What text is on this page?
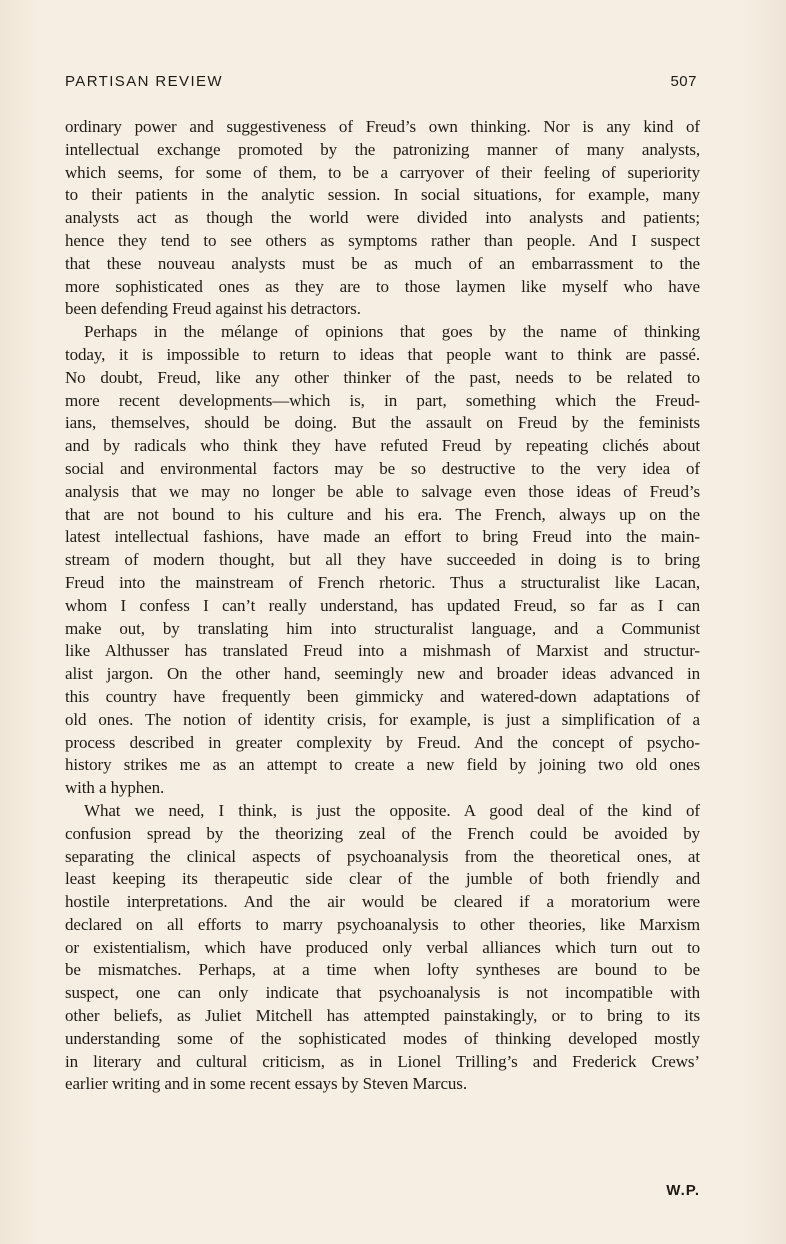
PARTISAN REVIEW	507
ordinary power and suggestiveness of Freud’s own thinking. Nor is any kind of
intellectual exchange promoted by the patronizing manner of many analysts,
which seems, for some of them, to be a carryover of their feeling of superiority
to their patients in the analytic session. In social situations, for example, many
analysts act as though the world were divided into analysts and patients;
hence they tend to see others as symptoms rather than people. And I suspect
that these nouveau analysts must be as much of an embarrassment to the
more sophisticated ones as they are to those laymen like myself who have
been defending Freud against his detractors.
Perhaps in the mélange of opinions that goes by the name of thinking
today, it is impossible to return to ideas that people want to think are passé.
No doubt, Freud, like any other thinker of the past, needs to be related to
more recent developments—which is, in part, something which the Freud-
ians, themselves, should be doing. But the assault on Freud by the feminists
and by radicals who think they have refuted Freud by repeating clichés about
social and environmental factors may be so destructive to the very idea of
analysis that we may no longer be able to salvage even those ideas of Freud’s
that are not bound to his culture and his era. The French, always up on the
latest intellectual fashions, have made an effort to bring Freud into the main-
stream of modern thought, but all they have succeeded in doing is to bring
Freud into the mainstream of French rhetoric. Thus a structuralist like Lacan,
whom I confess I can’t really understand, has updated Freud, so far as I can
make out, by translating him into structuralist language, and a Communist
like Althusser has translated Freud into a mishmash of Marxist and structur-
alist jargon. On the other hand, seemingly new and broader ideas advanced in
this country have frequently been gimmicky and watered-down adaptations of
old ones. The notion of identity crisis, for example, is just a simplification of a
process described in greater complexity by Freud. And the concept of psycho-
history strikes me as an attempt to create a new field by joining two old ones
with a hyphen.
What we need, I think, is just the opposite. A good deal of the kind of
confusion spread by the theorizing zeal of the French could be avoided by
separating the clinical aspects of psychoanalysis from the theoretical ones, at
least keeping its therapeutic side clear of the jumble of both friendly and
hostile interpretations. And the air would be cleared if a moratorium were
declared on all efforts to marry psychoanalysis to other theories, like Marxism
or existentialism, which have produced only verbal alliances which turn out to
be mismatches. Perhaps, at a time when lofty syntheses are bound to be
suspect, one can only indicate that psychoanalysis is not incompatible with
other beliefs, as Juliet Mitchell has attempted painstakingly, or to bring to its
understanding some of the sophisticated modes of thinking developed mostly
in literary and cultural criticism, as in Lionel Trilling’s and Frederick Crews’
earlier writing and in some recent essays by Steven Marcus.
W.P.
